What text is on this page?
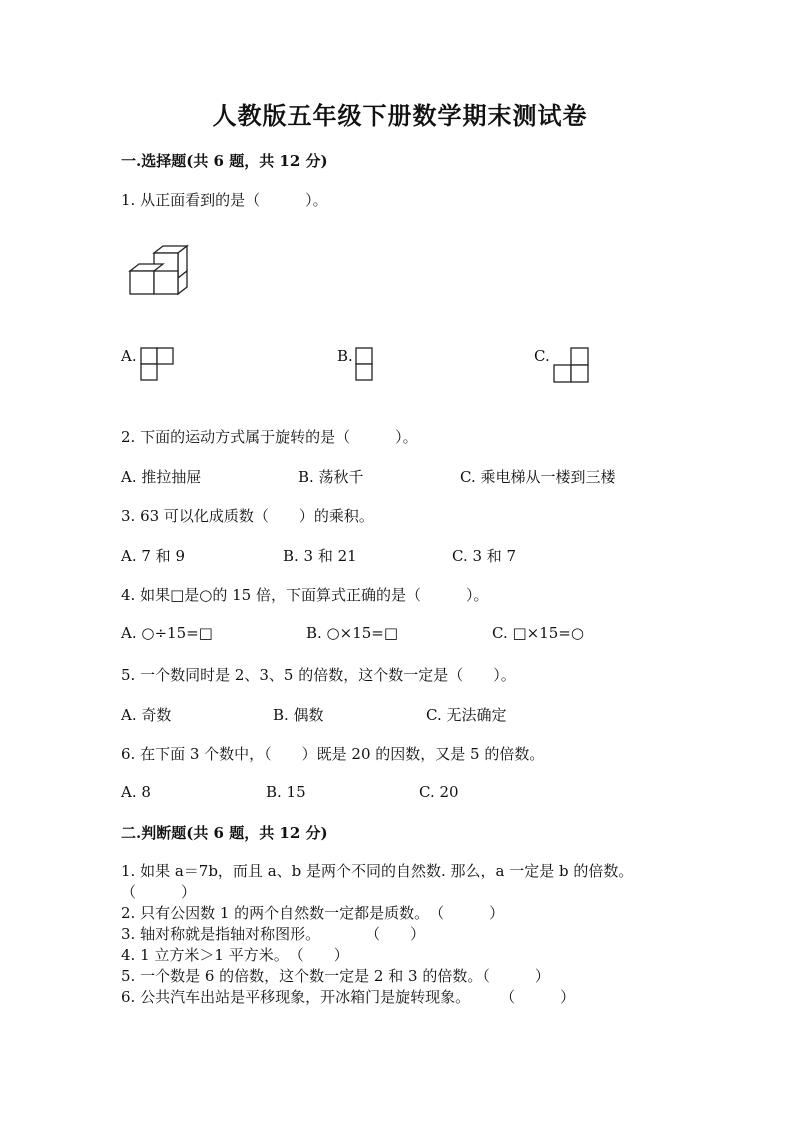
人教版五年级下册数学期末测试卷
一.选择题(共 6 题，共 12 分)
1. 从正面看到的是（　　　）。
A.	B.	C.
2. 下面的运动方式属于旋转的是（　　　）。
A. 推拉抽屉	B. 荡秋千	C. 乘电梯从一楼到三楼
3. 63 可以化成质数（　　）的乘积。
A. 7 和 9	B. 3 和 21	C. 3 和 7
4. 如果□是○的 15 倍，下面算式正确的是（　　　）。
A. ○÷15=□	B. ○×15=□	C. □×15=○
5. 一个数同时是 2、3、5 的倍数，这个数一定是（　　）。
A. 奇数	B. 偶数	C. 无法确定
6. 在下面 3 个数中，（　　）既是 20 的因数，又是 5 的倍数。
A. 8	B. 15	C. 20
二.判断题(共 6 题，共 12 分)
1. 如果 a＝7b，而且 a、b 是两个不同的自然数. 那么，a 一定是 b 的倍数。
（　　　）
2. 只有公因数 1 的两个自然数一定都是质数。　（　　　）
3. 轴对称就是指轴对称图形。　　　　（　　）
4. 1 立方米＞1 平方米。　（　　）
5. 一个数是 6 的倍数，这个数一定是 2 和 3 的倍数。（　　　）
6. 公共汽车出站是平移现象，开冰箱门是旋转现象。　　　（　　　）
